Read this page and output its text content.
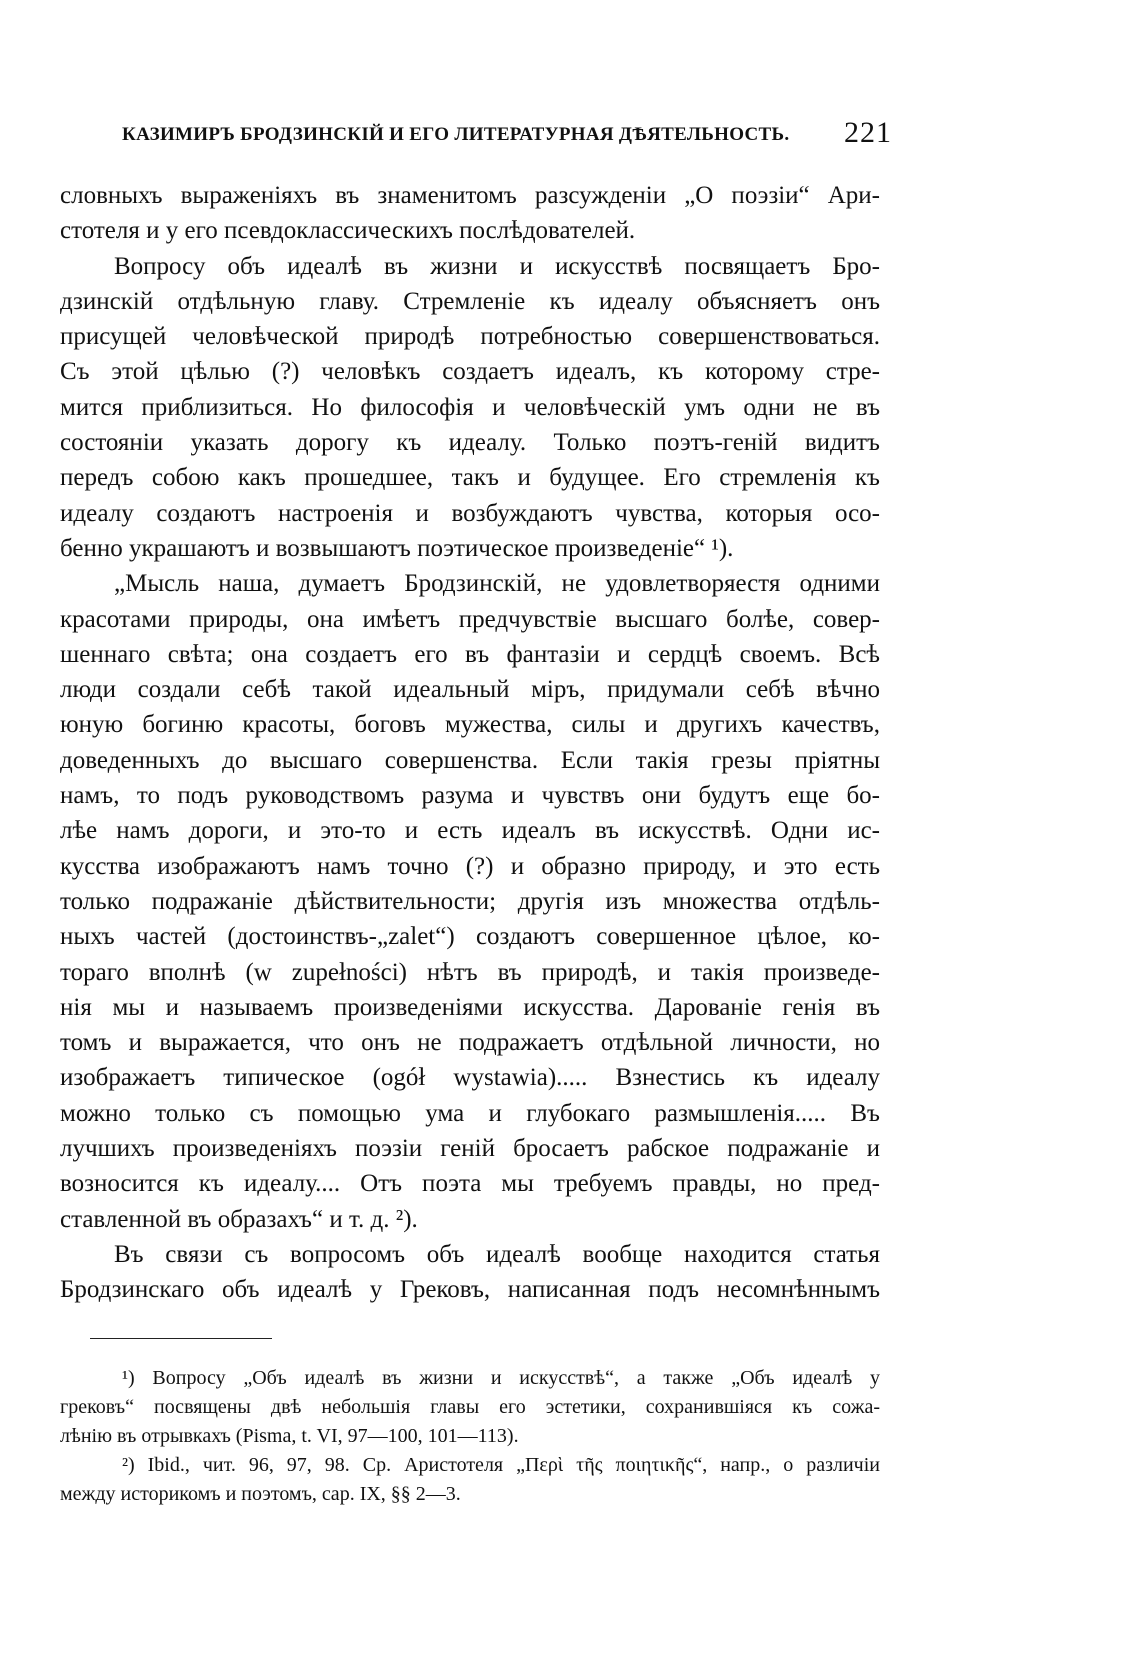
КАЗИМИРЪ БРОДЗИНСКІЙ И ЕГО ЛИТЕРАТУРНАЯ ДѢЯТЕЛЬНОСТЬ. 221
словныхъ выраженіяхъ въ знаменитомъ разсужденіи „О поэзіи“ Ари-
стотеля и у его псевдоклассическихъ послѣдователей.
Вопросу объ идеалѣ въ жизни и искусствѣ посвящаетъ Бро-
дзинскій отдѣльную главу. Стремленіе къ идеалу объясняетъ онъ
присущей человѣческой природѣ потребностью совершенствоваться.
Съ этой цѣлью (?) человѣкъ создаетъ идеалъ, къ которому стре-
мится приблизиться. Но философія и человѣческій умъ одни не въ
состояніи указать дорогу къ идеалу. Только поэтъ-геній видитъ
передъ собою какъ прошедшее, такъ и будущее. Его стремленія къ
идеалу создаютъ настроенія и возбуждаютъ чувства, которыя осо-
бенно украшаютъ и возвышаютъ поэтическое произведеніе“ ¹).
„Мысль наша, думаетъ Бродзинскій, не удовлетворяестя одними
красотами природы, она имѣетъ предчувствіе высшаго болѣе, совер-
шеннаго свѣта; она создаетъ его въ фантазіи и сердцѣ своемъ. Всѣ
люди создали себѣ такой идеальный міръ, придумали себѣ вѣчно
юную богиню красоты, боговъ мужества, силы и другихъ качествъ,
доведенныхъ до высшаго совершенства. Если такія грезы пріятны
намъ, то подъ руководствомъ разума и чувствъ они будутъ еще бо-
лѣе намъ дороги, и это-то и есть идеалъ въ искусствѣ. Одни ис-
кусства изображаютъ намъ точно (?) и образно природу, и это есть
только подражаніе дѣйствительности; другія изъ множества отдѣль-
ныхъ частей (достоинствъ-„zalet“) создаютъ совершенное цѣлое, ко-
тораго вполнѣ (w zupełności) нѣтъ въ природѣ, и такія произведе-
нія мы и называемъ произведеніями искусства. Дарованіе генія въ
томъ и выражается, что онъ не подражаетъ отдѣльной личности, но
изображаетъ типическое (ogół wystawia)..... Взнестись къ идеалу
можно только съ помощью ума и глубокаго размышленія..... Въ
лучшихъ произведеніяхъ поэзіи геній бросаетъ рабское подражаніе и
возносится къ идеалу.... Отъ поэта мы требуемъ правды, но пред-
ставленной въ образахъ“ и т. д. ²).
Въ связи съ вопросомъ объ идеалѣ вообще находится статья
Бродзинскаго объ идеалѣ у Грековъ, написанная подъ несомнѣннымъ
¹) Вопросу „Объ идеалѣ въ жизни и искусствѣ“, а также „Объ идеалѣ у
грековъ“ посвящены двѣ небольшія главы его эстетики, сохранившіяся къ сожа-
лѣнію въ отрывкахъ (Pisma, t. VI, 97—100, 101—113).
²) Ibid., чит. 96, 97, 98. Ср. Аристотеля „Περὶ τῆς ποιητικῆς“, напр., о различіи
между историкомъ и поэтомъ, cap. IX, §§ 2—3.
